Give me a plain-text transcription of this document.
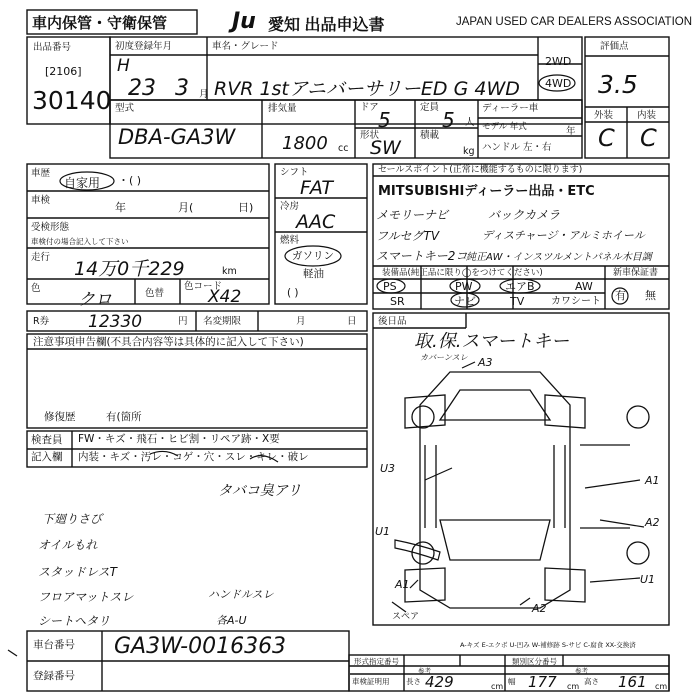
車内保管・守衛保管	Ju 愛知 出品申込書	JAPAN USED CAR DEALERS ASSOCIATION
出品番号
[2106]
30140
初度登録年月
H
23 3 月
車名・グレード
RVR 1stアニバーサリーED G 4WD
2WD
4WD
型式
DBA-GA3W
排気量
1800 cc
ドア
5
定員
5 人
形状
SW
積載
kg
ディーラー車
モデル 年式	年
ハンドル 左・右
評価点
3.5
外装	内装
C C
車歴
自家用 ・( )
車検
年	月(	日)
受検形態
車検付の場合記入して下さい
走行
14万0千229	km
色
クロ	色替
色コード
X42
シフト
FAT
冷房
AAC
燃料
ガソリン
軽油
( )
セールスポイント(正常に機能するものに限ります)
MITSUBISHIディーラー出品・ETC
メモリーナビ	バックカメラ
フルセグTV	ディスチャージ・アルミホイール
スマートキー2コ
純正AW・インスツルメントパネル木目調
装備品(純正品に限り◯をつけてください)	新車保証書
PS	PW	エアB	AW
SR	ナビ	TV	カワシート 有 無
R券 12330	円 名変期限	月	日 後日品
取.保.スマートキー
注意事項申告欄(不具合内容等は具体的に記入して下さい)
修復歴	有(箇所
検査員
記入欄
FW・キズ・飛石・ヒビ割・リペア跡・X要
内装・キズ・汚レ・コゲ・穴・スレ・キレ・破レ
タバコ臭アリ
下廻りさび
オイルもれ
スタッドレスT
フロアマットスレ
シートヘタリ
ハンドルスレ
各A-U
カバーンスレ A3
U3
U1
A1
A2
A1	U1
A2
スペア
A-キズ E-エクボ U-凹み W-補修跡 S-サビ C-腐食 XX-交換済
車台番号 GA3W-0016363
登録番号
形式指定番号
参考
類別区分番号
参考
車検証明用 長さ 429	cm
幅 177 cm
高さ 161 cm
